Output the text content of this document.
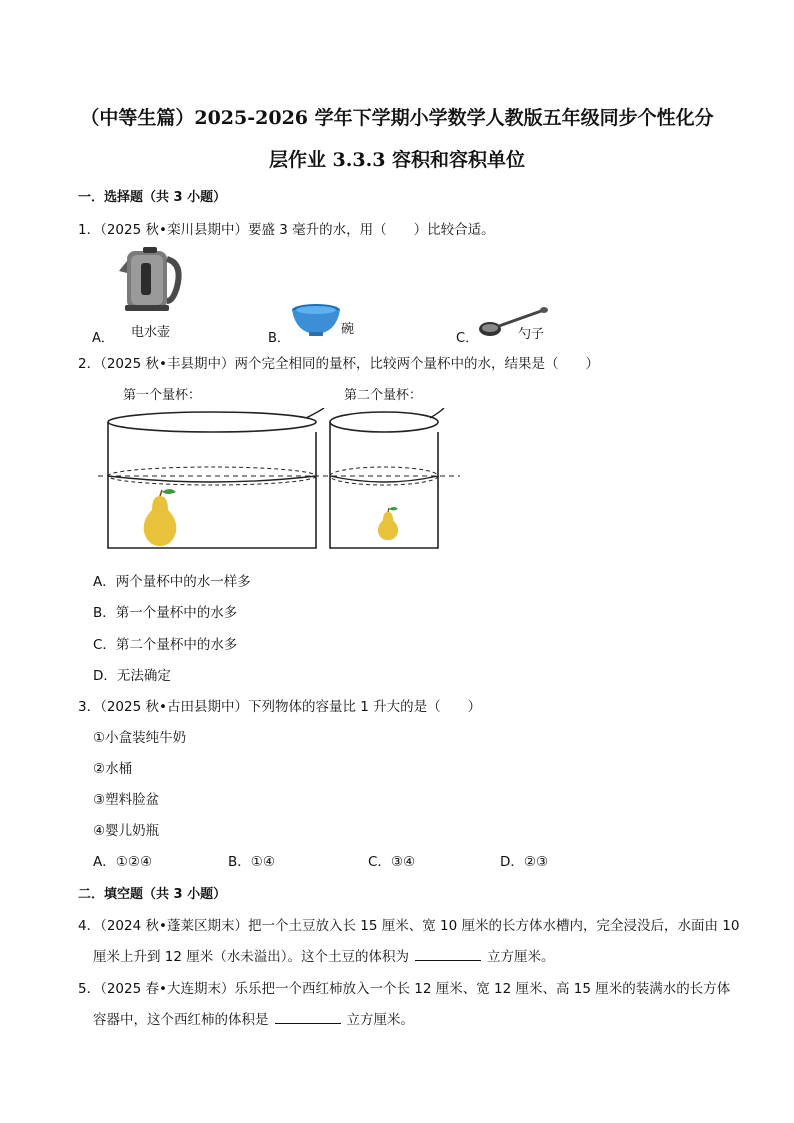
（中等生篇）2025-2026 学年下学期小学数学人教版五年级同步个性化分
层作业 3.3.3 容积和容积单位
一．选择题（共 3 小题）
1．（2025 秋•栾川县期中）要盛 3 毫升的水，用（　　）比较合适。
A． 电水壶	B．
碗
C．	勺子
2．（2025 秋•丰县期中）两个完全相同的量杯，比较两个量杯中的水，结果是（　　）
第一个量杯：	第二个量杯：
A．两个量杯中的水一样多
B．第一个量杯中的水多
C．第二个量杯中的水多
D．无法确定
3．（2025 秋•古田县期中）下列物体的容量比 1 升大的是（　　）
①小盒装纯牛奶
②水桶
③塑料脸盆
④婴儿奶瓶
A．①②④	B．①④	C．③④	D．②③
二．填空题（共 3 小题）
4．（2024 秋•蓬莱区期末）把一个土豆放入长 15 厘米、宽 10 厘米的长方体水槽内，完全浸没后，水面由 10
厘米上升到 12 厘米（水未溢出）。这个土豆的体积为	立方厘米。
5．（2025 春•大连期末）乐乐把一个西红柿放入一个长 12 厘米、宽 12 厘米、高 15 厘米的装满水的长方体
容器中，这个西红柿的体积是	立方厘米。
